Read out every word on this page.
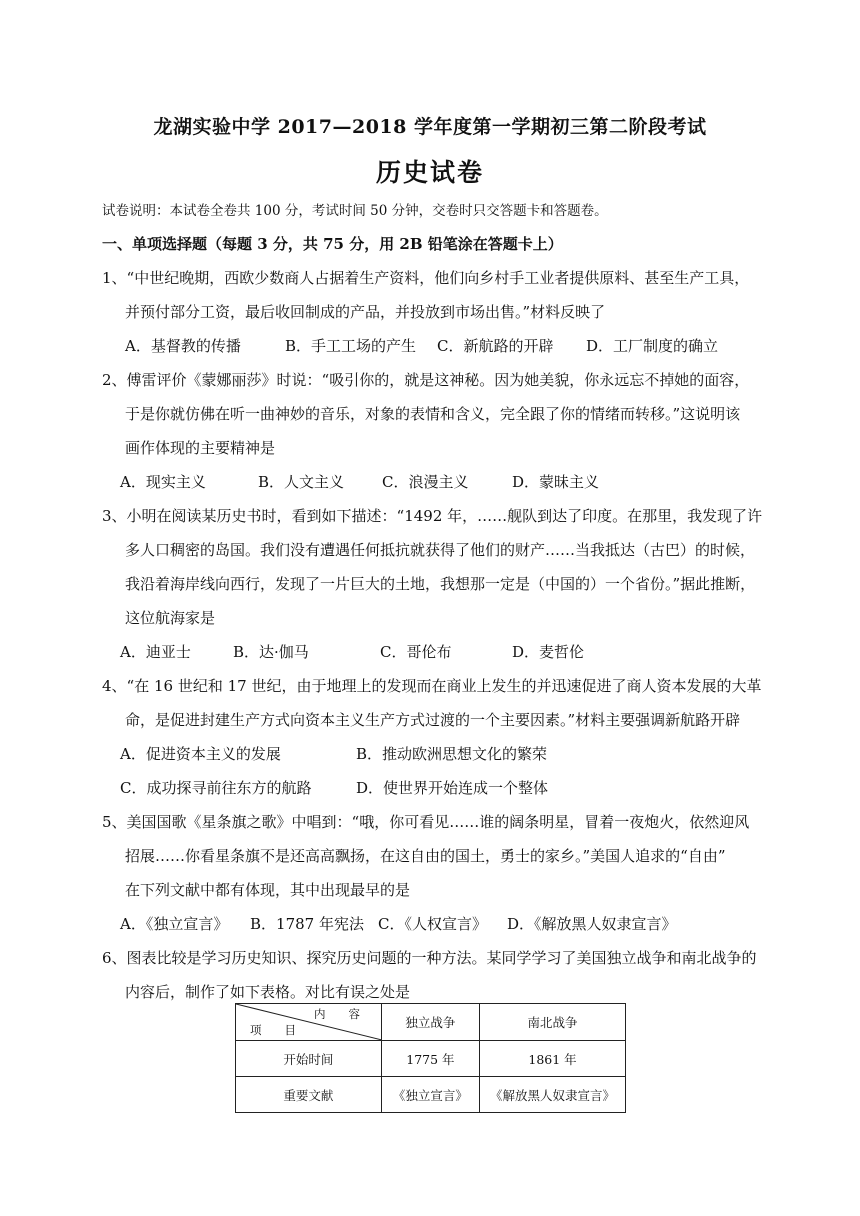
龙湖实验中学 2017—2018 学年度第一学期初三第二阶段考试
历史试卷
试卷说明：本试卷全卷共 100 分，考试时间 50 分钟，交卷时只交答题卡和答题卷。
一、单项选择题（每题 3 分，共 75 分，用 2B 铅笔涂在答题卡上）
1、“中世纪晚期，西欧少数商人占据着生产资料，他们向乡村手工业者提供原料、甚至生产工具，
并预付部分工资，最后收回制成的产品，并投放到市场出售。”材料反映了
A．基督教的传播	B．手工工场的产生 C．新航路的开辟 D．工厂制度的确立
2、傅雷评价《蒙娜丽莎》时说：“吸引你的，就是这神秘。因为她美貌，你永远忘不掉她的面容，
于是你就仿佛在听一曲神妙的音乐，对象的表情和含义，完全跟了你的情绪而转移。”这说明该
画作体现的主要精神是
A．现实主义	B．人文主义	C．浪漫主义	D．蒙昧主义
3、小明在阅读某历史书时，看到如下描述：“1492 年，……舰队到达了印度。在那里，我发现了许
多人口稠密的岛国。我们没有遭遇任何抵抗就获得了他们的财产……当我抵达（古巴）的时候，
我沿着海岸线向西行，发现了一片巨大的土地，我想那一定是（中国的）一个省份。”据此推断，
这位航海家是
A．迪亚士	B．达·伽马	C．哥伦布	D．麦哲伦
4、“在 16 世纪和 17 世纪，由于地理上的发现而在商业上发生的并迅速促进了商人资本发展的大革
命，是促进封建生产方式向资本主义生产方式过渡的一个主要因素。”材料主要强调新航路开辟
A．促进资本主义的发展	B．推动欧洲思想文化的繁荣
C．成功探寻前往东方的航路	D．使世界开始连成一个整体
5、美国国歌《星条旗之歌》中唱到：“哦，你可看见……谁的阔条明星，冒着一夜炮火，依然迎风
招展……你看星条旗不是还高高飘扬，在这自由的国土，勇士的家乡。”美国人追求的“自由”
在下列文献中都有体现，其中出现最早的是
A．《独立宣言》 B．1787 年宪法 C．《人权宣言》 D．《解放黑人奴隶宣言》
6、图表比较是学习历史知识、探究历史问题的一种方法。某同学学习了美国独立战争和南北战争的
内容后，制作了如下表格。对比有误之处是
内　　容
项　　目	独立战争	南北战争
开始时间	1775 年	1861 年
重要文献	《独立宣言》	《解放黑人奴隶宣言》
